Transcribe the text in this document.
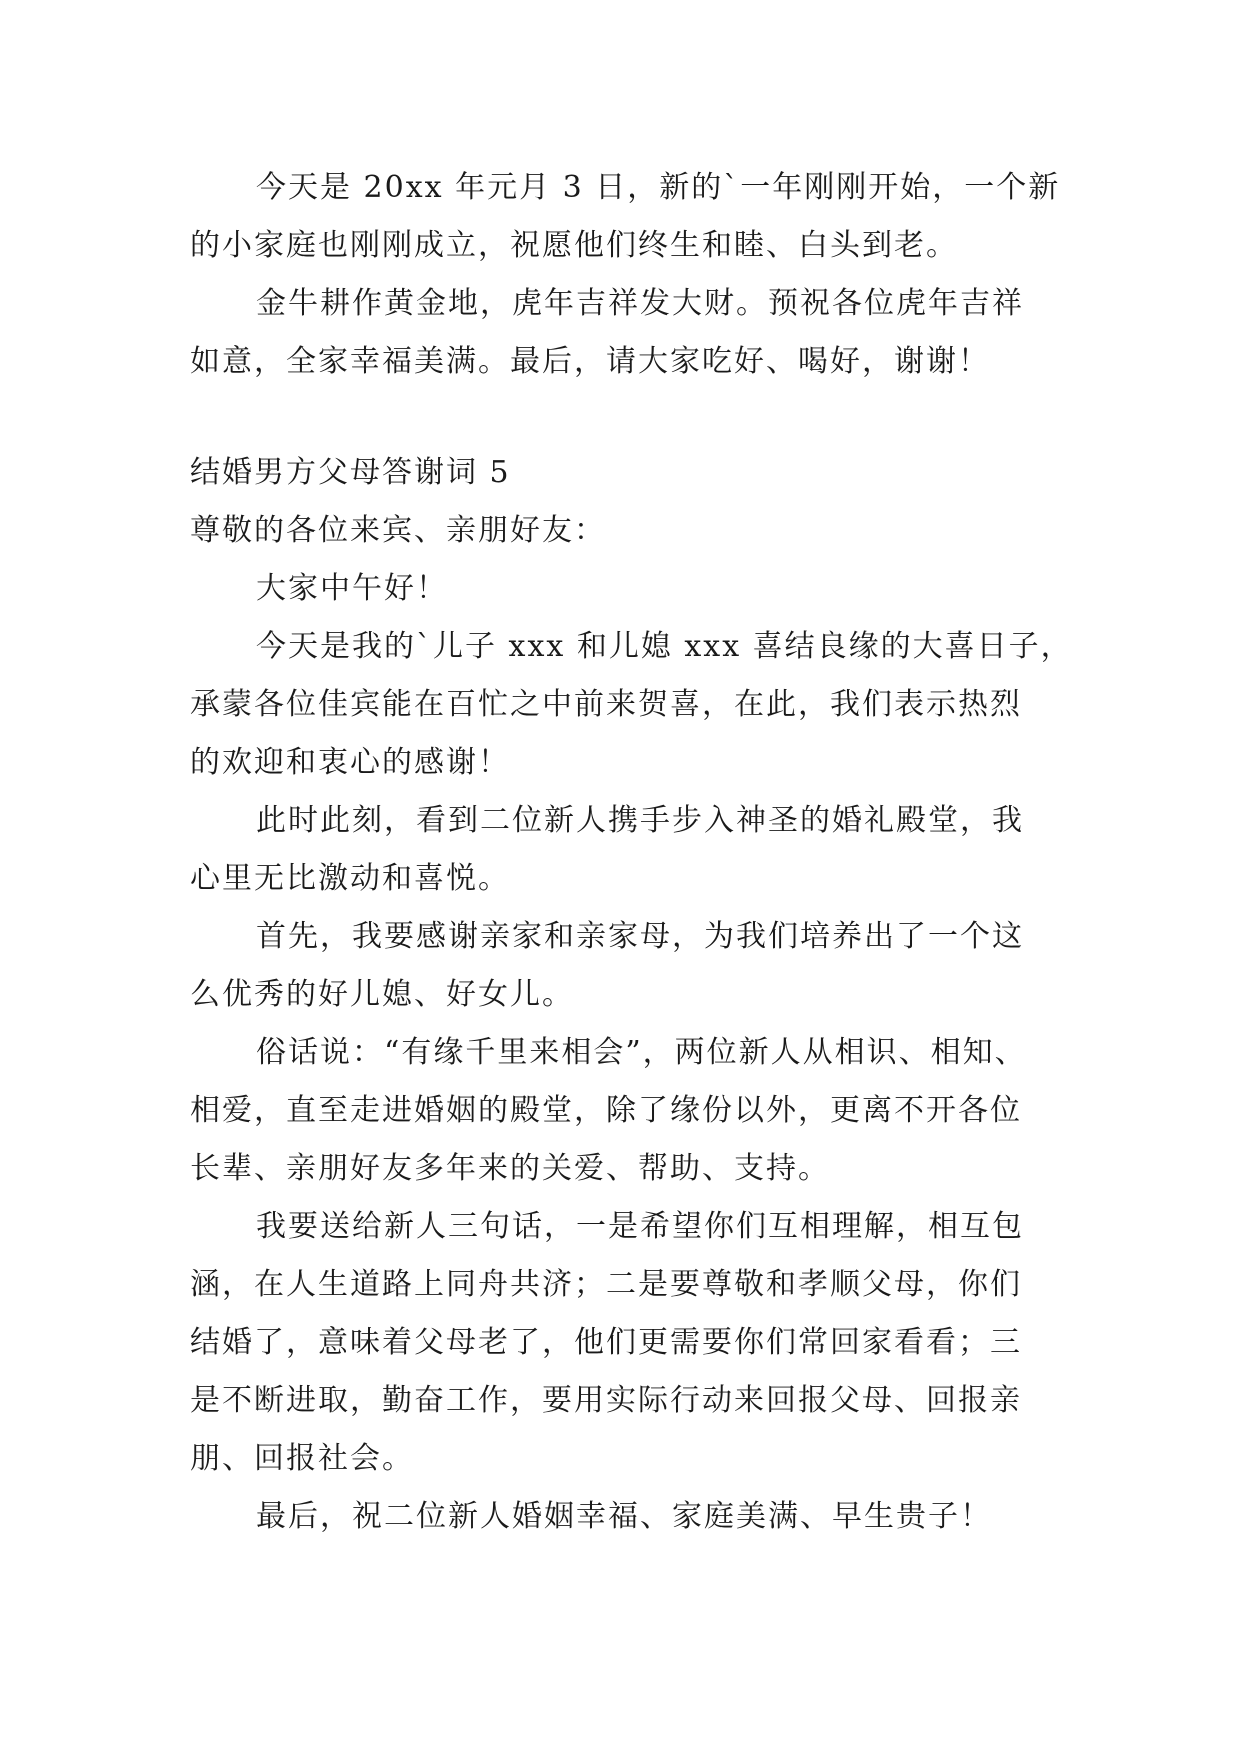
今天是 20xx 年元月 3 日，新的`一年刚刚开始，一个新
的小家庭也刚刚成立，祝愿他们终生和睦、白头到老。
金牛耕作黄金地，虎年吉祥发大财。预祝各位虎年吉祥
如意，全家幸福美满。最后，请大家吃好、喝好，谢谢！
结婚男方父母答谢词 5
尊敬的各位来宾、亲朋好友：
大家中午好！
今天是我的`儿子 xxx 和儿媳 xxx 喜结良缘的大喜日子，
承蒙各位佳宾能在百忙之中前来贺喜，在此，我们表示热烈
的欢迎和衷心的感谢！
此时此刻，看到二位新人携手步入神圣的婚礼殿堂，我
心里无比激动和喜悦。
首先，我要感谢亲家和亲家母，为我们培养出了一个这
么优秀的好儿媳、好女儿。
俗话说：“有缘千里来相会”，两位新人从相识、相知、
相爱，直至走进婚姻的殿堂，除了缘份以外，更离不开各位
长辈、亲朋好友多年来的关爱、帮助、支持。
我要送给新人三句话，一是希望你们互相理解，相互包
涵，在人生道路上同舟共济；二是要尊敬和孝顺父母，你们
结婚了，意味着父母老了，他们更需要你们常回家看看；三
是不断进取，勤奋工作，要用实际行动来回报父母、回报亲
朋、回报社会。
最后，祝二位新人婚姻幸福、家庭美满、早生贵子！
